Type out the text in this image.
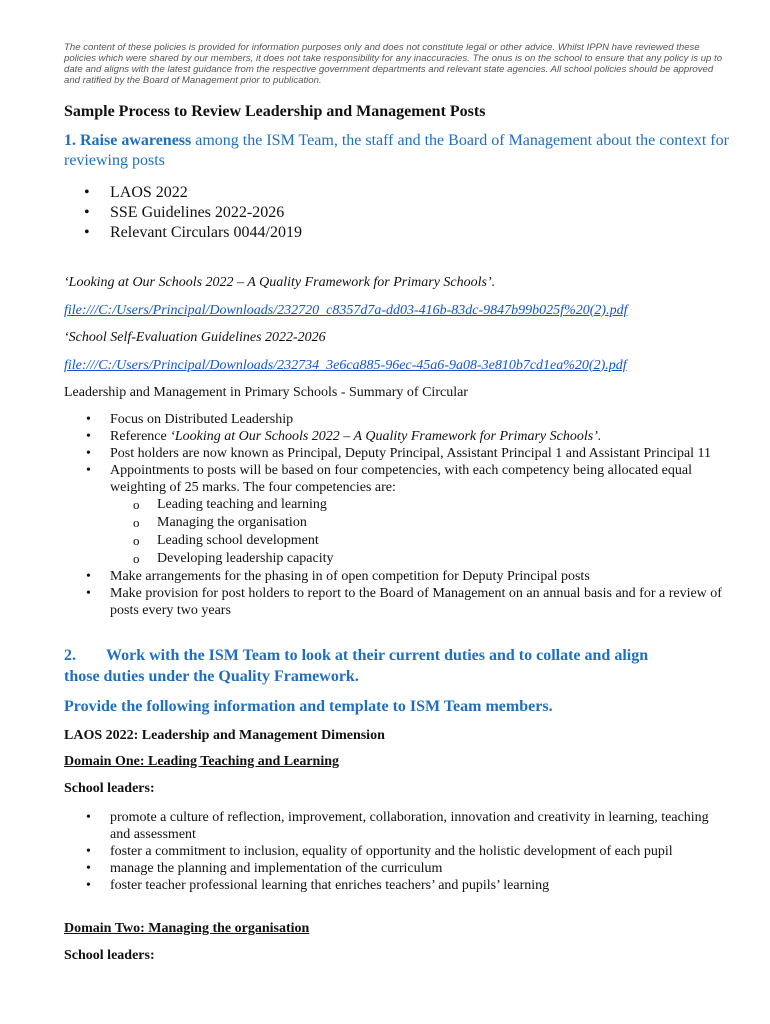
The content of these policies is provided for information purposes only and does not constitute legal or other advice. Whilst IPPN have reviewed these policies which were shared by our members, it does not take responsibility for any inaccuracies. The onus is on the school to ensure that any policy is up to date and aligns with the latest guidance from the respective government departments and relevant state agencies. All school policies should be approved and ratified by the Board of Management prior to publication.

Sample Process to Review Leadership and Management Posts

1. Raise awareness among the ISM Team, the staff and the Board of Management about the context for reviewing posts

• LAOS 2022
• SSE Guidelines 2022-2026
• Relevant Circulars 0044/2019

‘Looking at Our Schools 2022 – A Quality Framework for Primary Schools’.

file:///C:/Users/Principal/Downloads/232720_c8357d7a-dd03-416b-83dc-9847b99b025f%20(2).pdf

‘School Self-Evaluation Guidelines 2022-2026

file:///C:/Users/Principal/Downloads/232734_3e6ca885-96ec-45a6-9a08-3e810b7cd1ea%20(2).pdf

Leadership and Management in Primary Schools - Summary of Circular

• Focus on Distributed Leadership
• Reference ‘Looking at Our Schools 2022 – A Quality Framework for Primary Schools’.
• Post holders are now known as Principal, Deputy Principal, Assistant Principal 1 and Assistant Principal 11
• Appointments to posts will be based on four competencies, with each competency being allocated equal weighting of 25 marks. The four competencies are:
o Leading teaching and learning
o Managing the organisation
o Leading school development
o Developing leadership capacity
• Make arrangements for the phasing in of open competition for Deputy Principal posts
• Make provision for post holders to report to the Board of Management on an annual basis and for a review of posts every two years

2. Work with the ISM Team to look at their current duties and to collate and align

those duties under the Quality Framework.

Provide the following information and template to ISM Team members.

LAOS 2022: Leadership and Management Dimension

Domain One: Leading Teaching and Learning

School leaders:

• promote a culture of reflection, improvement, collaboration, innovation and creativity in learning, teaching and assessment
• foster a commitment to inclusion, equality of opportunity and the holistic development of each pupil
• manage the planning and implementation of the curriculum
• foster teacher professional learning that enriches teachers’ and pupils’ learning

Domain Two: Managing the organisation

School leaders:
